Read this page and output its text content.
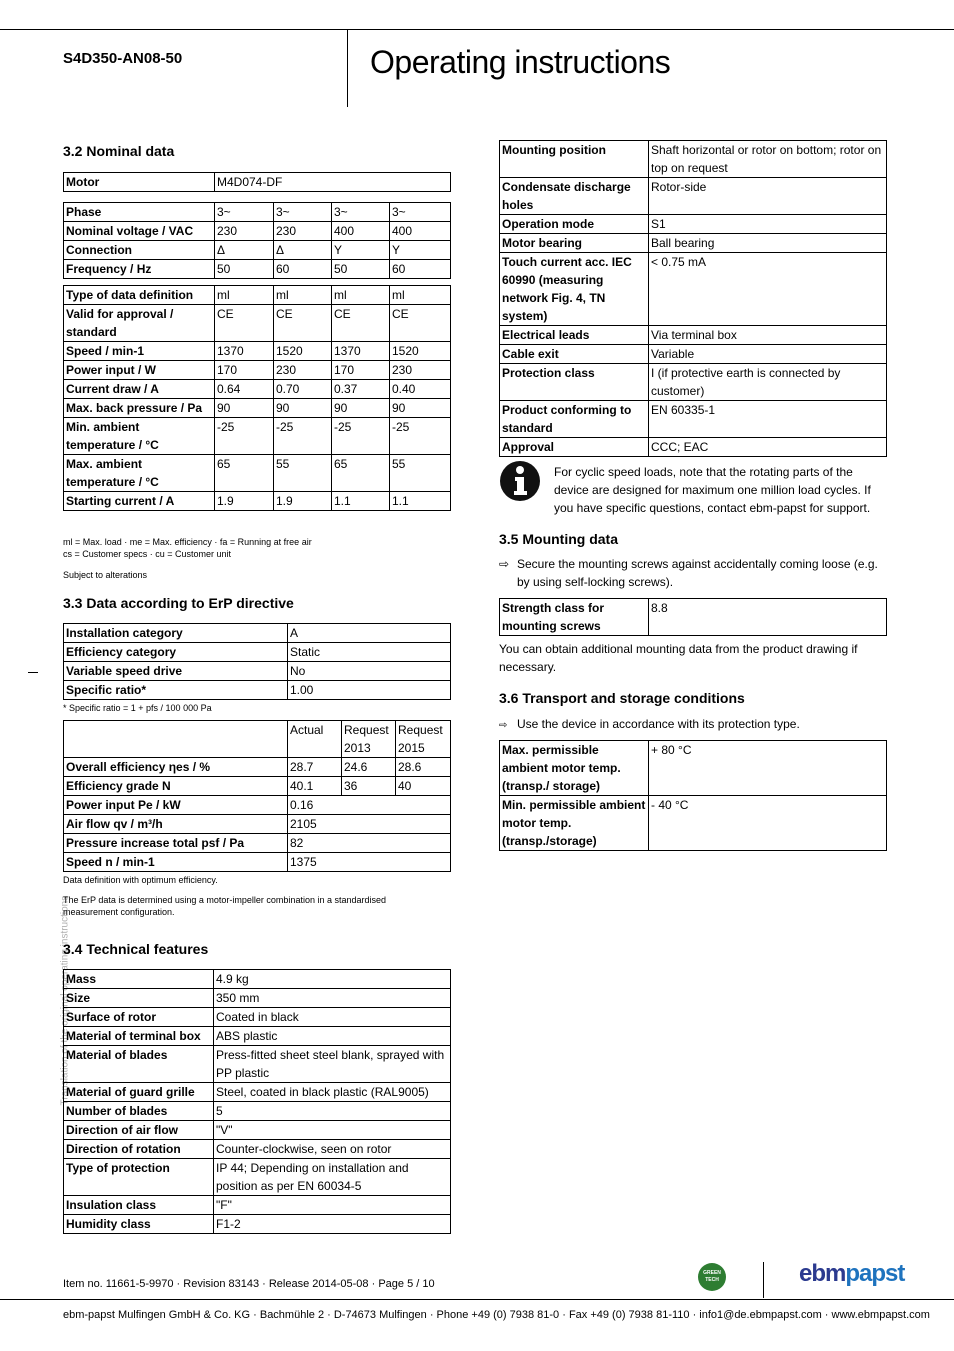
S4D350-AN08-50	Operating instructions
Translation of the original operating instructions
3.2 Nominal data
Motor	M4D074-DF
Phase	3~	3~	3~	3~
Nominal voltage / VAC	230	230	400	400
Connection	Δ	Δ	Y	Y
Frequency / Hz	50	60	50	60
Type of data definition	ml	ml	ml	ml
Valid for approval / standard	CE	CE	CE	CE
Speed / min-1	1370	1520	1370	1520
Power input / W	170	230	170	230
Current draw / A	0.64	0.70	0.37	0.40
Max. back pressure / Pa	90	90	90	90
Min. ambient temperature / °C	-25	-25	-25	-25
Max. ambient temperature / °C	65	55	65	55
Starting current / A	1.9	1.9	1.1	1.1
ml = Max. load · me = Max. efficiency · fa = Running at free air
cs = Customer specs · cu = Customer unit
Subject to alterations
3.3 Data according to ErP directive
Installation category	A
Efficiency category	Static
Variable speed drive	No
Specific ratio*	1.00
* Specific ratio = 1 + pfs / 100 000 Pa
	Actual	Request 2013	Request 2015
Overall efficiency ηes / %	28.7	24.6	28.6
Efficiency grade N	40.1	36	40
Power input Pe / kW	0.16		
Air flow qv / m³/h	2105		
Pressure increase total psf / Pa	82		
Speed n / min-1	1375		
Data definition with optimum efficiency.
The ErP data is determined using a motor-impeller combination in a standardised measurement configuration.
3.4 Technical features
Mass	4.9 kg
Size	350 mm
Surface of rotor	Coated in black
Material of terminal box	ABS plastic
Material of blades	Press-fitted sheet steel blank, sprayed with PP plastic
Material of guard grille	Steel, coated in black plastic (RAL9005)
Number of blades	5
Direction of air flow	"V"
Direction of rotation	Counter-clockwise, seen on rotor
Type of protection	IP 44; Depending on installation and position as per EN 60034-5
Insulation class	"F"
Humidity class	F1-2
Mounting position	Shaft horizontal or rotor on bottom; rotor on top on request
Condensate discharge holes	Rotor-side
Operation mode	S1
Motor bearing	Ball bearing
Touch current acc. IEC 60990 (measuring network Fig. 4, TN system)	< 0.75 mA
Electrical leads	Via terminal box
Cable exit	Variable
Protection class	I (if protective earth is connected by customer)
Product conforming to standard	EN 60335-1
Approval	CCC; EAC
For cyclic speed loads, note that the rotating parts of the device are designed for maximum one million load cycles. If you have specific questions, contact ebm-papst for support.
3.5 Mounting data
⇨	Secure the mounting screws against accidentally coming loose (e.g. by using self-locking screws).
Strength class for mounting screws	8.8
You can obtain additional mounting data from the product drawing if necessary.
3.6 Transport and storage conditions
⇨ Use the device in accordance with its protection type.
Max. permissible ambient motor temp. (transp./ storage)	+ 80 °C
Min. permissible ambient motor temp. (transp./storage)	- 40 °C
Item no. 11661-5-9970 · Revision 83143 · Release 2014-05-08 · Page 5 / 10
GREEN TECH	ebmpapst
ebm-papst Mulfingen GmbH & Co. KG · Bachmühle 2 · D-74673 Mulfingen · Phone +49 (0) 7938 81-0 · Fax +49 (0) 7938 81-110 · info1@de.ebmpapst.com · www.ebmpapst.com
